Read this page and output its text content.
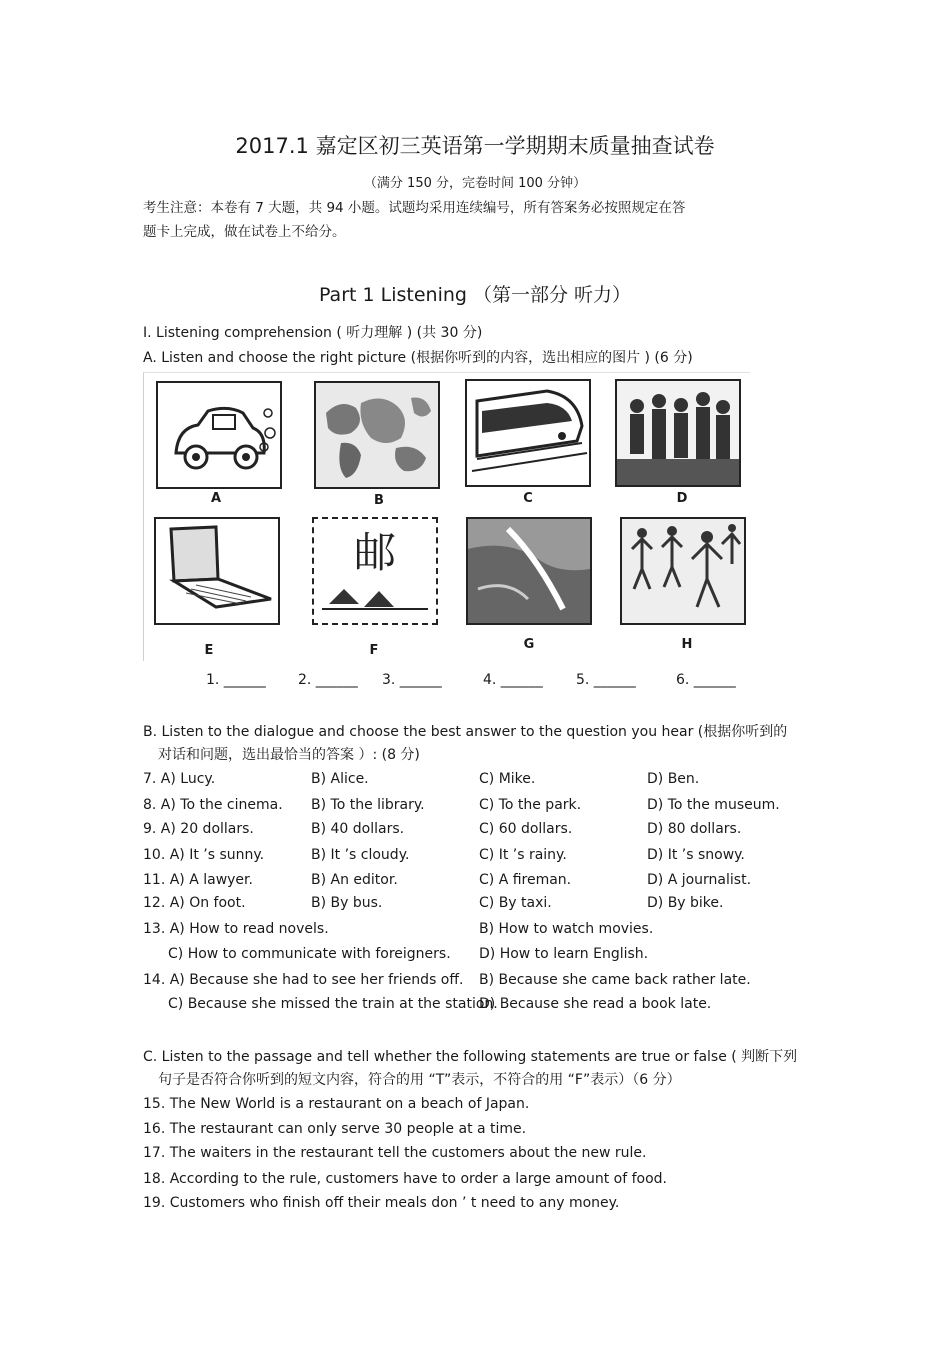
2017.1 嘉定区初三英语第一学期期末质量抽查试卷
（满分 150 分，完卷时间 100 分钟）
考生注意：本卷有 7 大题，共 94 小题。试题均采用连续编号，所有答案务必按照规定在答
题卡上完成，做在试卷上不给分。
Part 1 Listening （第一部分 听力）
I. Listening comprehension ( 听力理解 ) (共 30 分)
A. Listen and choose the right picture (根据你听到的内容，选出相应的图片 ) (6 分)
A	B	C	D
E
邮
F	G	H
1. ______ 2. ______ 3. ______	4. ______ 5. ______	6. ______
B. Listen to the dialogue and choose the best answer to the question you hear (根据你听到的
对话和问题，选出最恰当的答案 ）: (8 分)
7. A) Lucy.	B) Alice.	C) Mike.	D) Ben.
8. A) To the cinema. B) To the library.	C) To the park.	D) To the museum.
9. A) 20 dollars.	B) 40 dollars.	C) 60 dollars.	D) 80 dollars.
10. A) It ’s sunny.	B) It ’s cloudy.	C) It ’s rainy.	D) It ’s snowy.
11. A) A lawyer.	B) An editor.	C) A fireman.	D) A journalist.
12. A) On foot.	B) By bus.	C) By taxi.	D) By bike.
13. A) How to read novels.	B) How to watch movies.
C) How to communicate with foreigners. D) How to learn English.
14. A) Because she had to see her friends off. B) Because she came back rather late.
C) Because she missed the train at the station.
D) Because she read a book late.
C. Listen to the passage and tell whether the following statements are true or false ( 判断下列
句子是否符合你听到的短文内容，符合的用 “T”表示，不符合的用 “F”表示）（6 分）
15. The New World is a restaurant on a beach of Japan.
16. The restaurant can only serve 30 people at a time.
17. The waiters in the restaurant tell the customers about the new rule.
18. According to the rule, customers have to order a large amount of food.
19. Customers who finish off their meals don ’ t need to any money.
